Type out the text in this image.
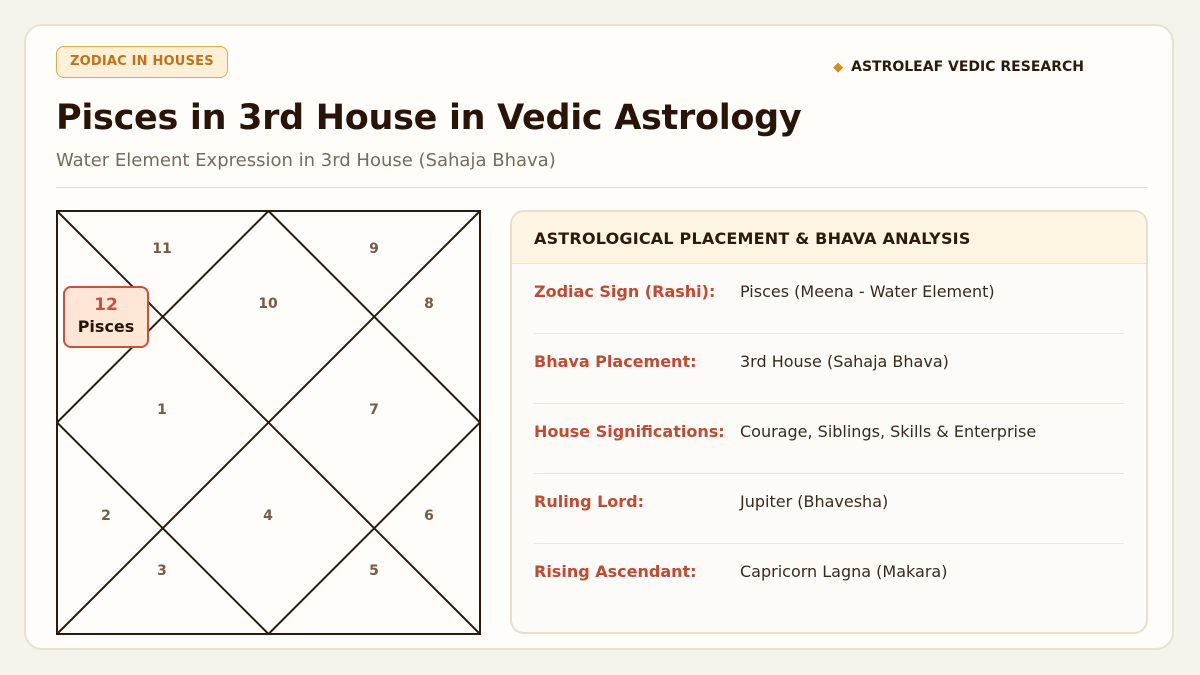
ZODIAC IN HOUSES	◆ ASTROLEAF VEDIC RESEARCH
Pisces in 3rd House in Vedic Astrology
Water Element Expression in 3rd House (Sahaja Bhava)
11	9
10	8
1	7
2	4	6
3	5
12
Pisces
ASTROLOGICAL PLACEMENT & BHAVA ANALYSIS
Zodiac Sign (Rashi):	Pisces (Meena - Water Element)
Bhava Placement:	3rd House (Sahaja Bhava)
House Significations: Courage, Siblings, Skills & Enterprise
Ruling Lord:	Jupiter (Bhavesha)
Rising Ascendant:	Capricorn Lagna (Makara)
